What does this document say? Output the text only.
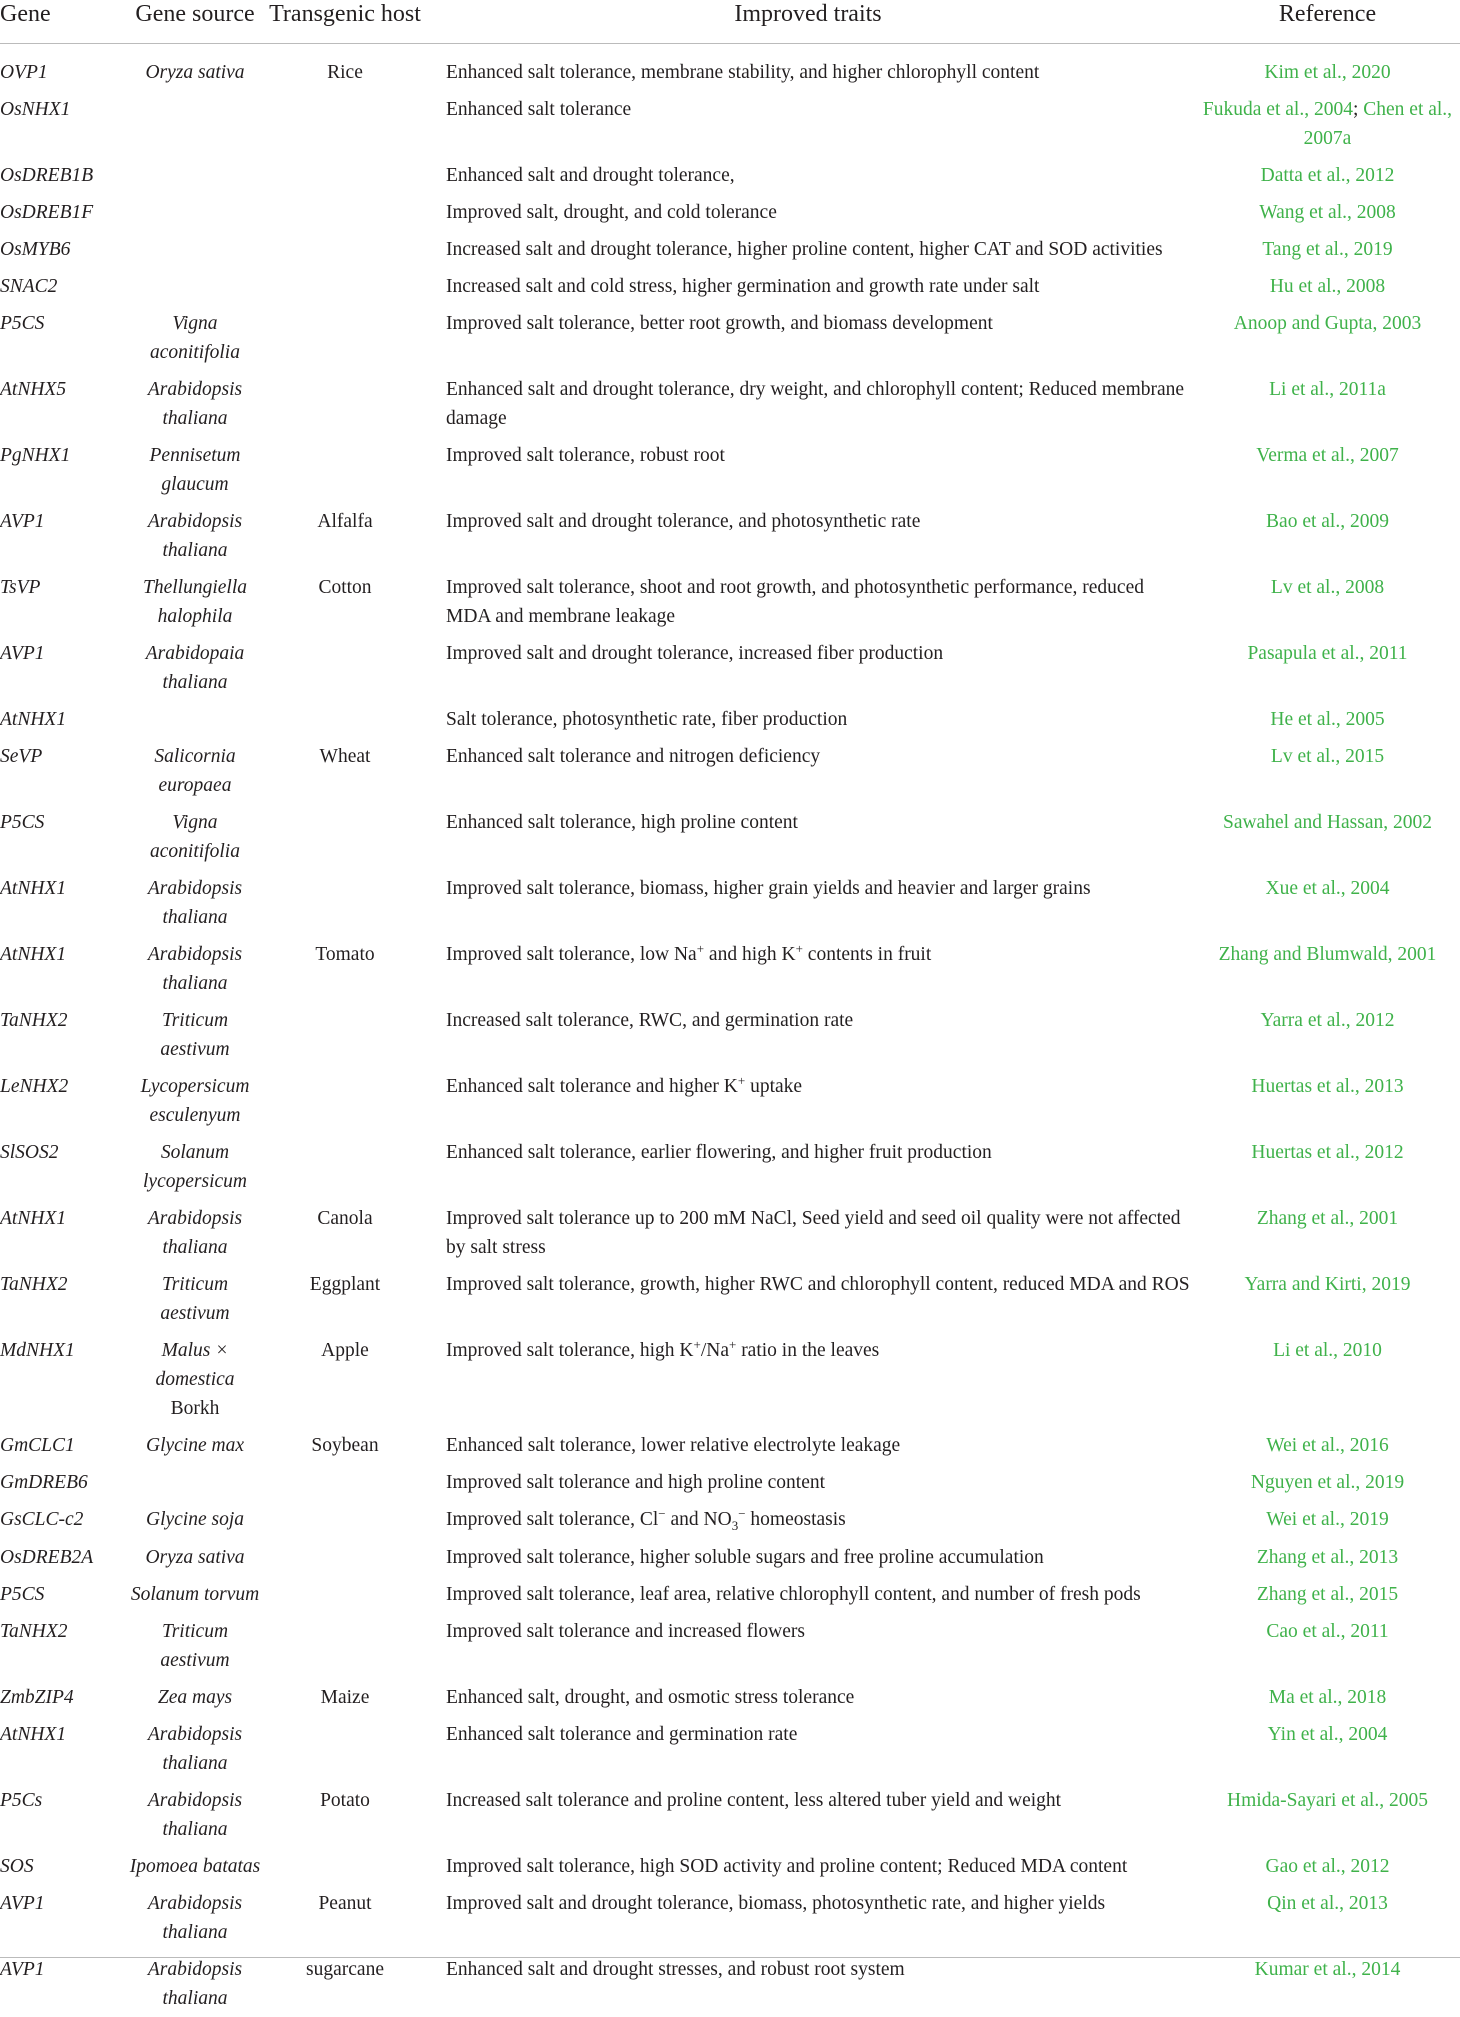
Gene	Gene source	Transgenic host	Improved traits	Reference
OVP1	Oryza sativa	Rice	Enhanced salt tolerance, membrane stability, and higher chlorophyll content	Kim et al., 2020
OsNHX1			Enhanced salt tolerance	Fukuda et al., 2004; Chen et al., 2007a
OsDREB1B			Enhanced salt and drought tolerance,	Datta et al., 2012
OsDREB1F			Improved salt, drought, and cold tolerance	Wang et al., 2008
OsMYB6			Increased salt and drought tolerance, higher proline content, higher CAT and SOD activities	Tang et al., 2019
SNAC2			Increased salt and cold stress, higher germination and growth rate under salt	Hu et al., 2008
P5CS	Vigna aconitifolia		Improved salt tolerance, better root growth, and biomass development	Anoop and Gupta, 2003
AtNHX5	Arabidopsis thaliana		Enhanced salt and drought tolerance, dry weight, and chlorophyll content; Reduced membrane damage	Li et al., 2011a
PgNHX1	Pennisetum glaucum		Improved salt tolerance, robust root	Verma et al., 2007
AVP1	Arabidopsis thaliana	Alfalfa	Improved salt and drought tolerance, and photosynthetic rate	Bao et al., 2009
TsVP	Thellungiella halophila	Cotton	Improved salt tolerance, shoot and root growth, and photosynthetic performance, reduced MDA and membrane leakage	Lv et al., 2008
AVP1	Arabidopaia thaliana		Improved salt and drought tolerance, increased fiber production	Pasapula et al., 2011
AtNHX1			Salt tolerance, photosynthetic rate, fiber production	He et al., 2005
SeVP	Salicornia europaea	Wheat	Enhanced salt tolerance and nitrogen deficiency	Lv et al., 2015
P5CS	Vigna aconitifolia		Enhanced salt tolerance, high proline content	Sawahel and Hassan, 2002
AtNHX1	Arabidopsis thaliana		Improved salt tolerance, biomass, higher grain yields and heavier and larger grains	Xue et al., 2004
AtNHX1	Arabidopsis thaliana	Tomato	Improved salt tolerance, low Na+ and high K+ contents in fruit	Zhang and Blumwald, 2001
TaNHX2	Triticum aestivum		Increased salt tolerance, RWC, and germination rate	Yarra et al., 2012
LeNHX2	Lycopersicum esculenyum		Enhanced salt tolerance and higher K+ uptake	Huertas et al., 2013
SlSOS2	Solanum lycopersicum		Enhanced salt tolerance, earlier flowering, and higher fruit production	Huertas et al., 2012
AtNHX1	Arabidopsis thaliana	Canola	Improved salt tolerance up to 200 mM NaCl, Seed yield and seed oil quality were not affected by salt stress	Zhang et al., 2001
TaNHX2	Triticum aestivum	Eggplant	Improved salt tolerance, growth, higher RWC and chlorophyll content, reduced MDA and ROS	Yarra and Kirti, 2019
MdNHX1	Malus × domestica Borkh	Apple	Improved salt tolerance, high K+/Na+ ratio in the leaves	Li et al., 2010
GmCLC1	Glycine max	Soybean	Enhanced salt tolerance, lower relative electrolyte leakage	Wei et al., 2016
GmDREB6			Improved salt tolerance and high proline content	Nguyen et al., 2019
GsCLC-c2	Glycine soja		Improved salt tolerance, Cl− and $NO_3^-$ homeostasis	Wei et al., 2019
OsDREB2A	Oryza sativa		Improved salt tolerance, higher soluble sugars and free proline accumulation	Zhang et al., 2013
P5CS	Solanum torvum		Improved salt tolerance, leaf area, relative chlorophyll content, and number of fresh pods	Zhang et al., 2015
TaNHX2	Triticum aestivum		Improved salt tolerance and increased flowers	Cao et al., 2011
ZmbZIP4	Zea mays	Maize	Enhanced salt, drought, and osmotic stress tolerance	Ma et al., 2018
AtNHX1	Arabidopsis thaliana		Enhanced salt tolerance and germination rate	Yin et al., 2004
P5Cs	Arabidopsis thaliana	Potato	Increased salt tolerance and proline content, less altered tuber yield and weight	Hmida-Sayari et al., 2005
SOS	Ipomoea batatas		Improved salt tolerance, high SOD activity and proline content; Reduced MDA content	Gao et al., 2012
AVP1	Arabidopsis thaliana	Peanut	Improved salt and drought tolerance, biomass, photosynthetic rate, and higher yields	Qin et al., 2013
AVP1	Arabidopsis thaliana	sugarcane	Enhanced salt and drought stresses, and robust root system	Kumar et al., 2014
